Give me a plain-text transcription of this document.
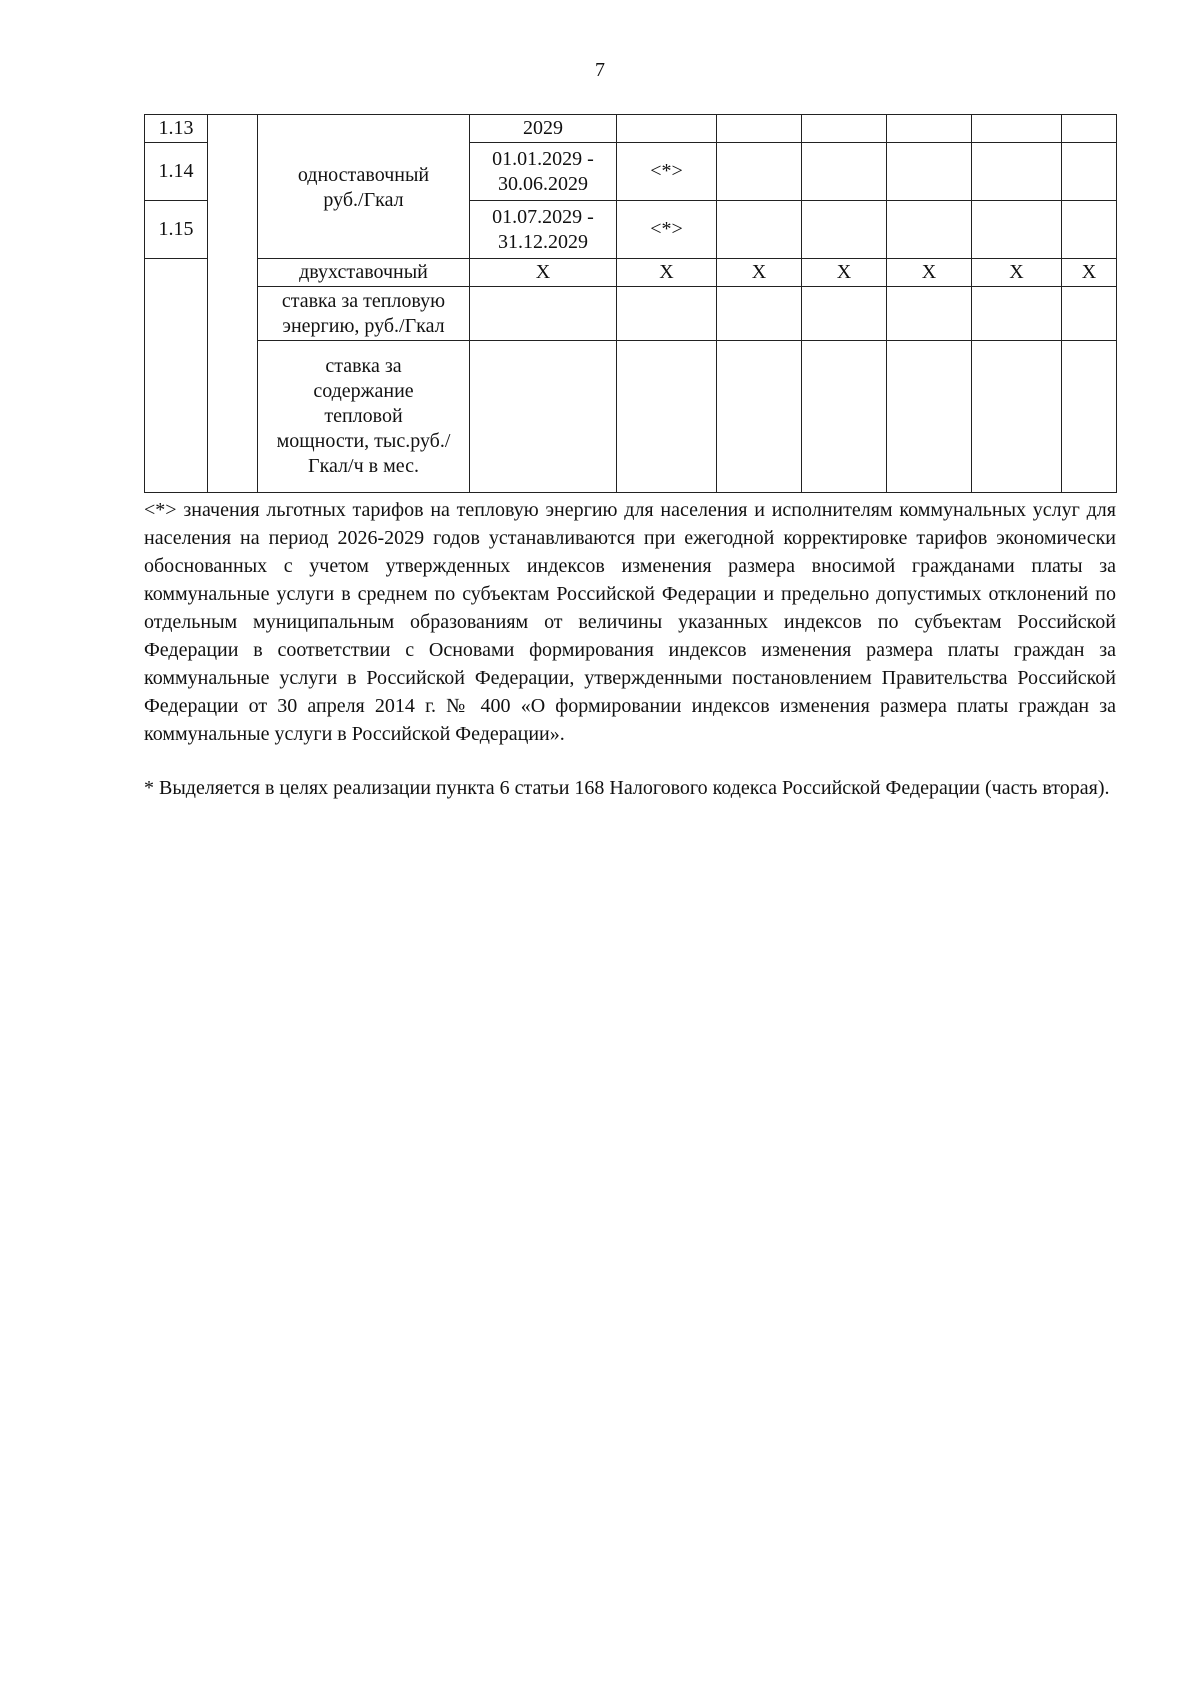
7
1.13		одноставочный руб./Гкал	2029						
1.14			01.01.2029 - 30.06.2029	<*>					
1.15			01.07.2029 - 31.12.2029	<*>					
		двухставочный	X	X	X	X	X	X	X
		ставка за тепловую энергию, руб./Гкал							
		ставка за содержание тепловой мощности, тыс.руб./Гкал/ч в мес.							

<*> значения льготных тарифов на тепловую энергию для населения и исполнителям коммунальных услуг для населения на период 2026-2029 годов устанавливаются при ежегодной корректировке тарифов экономически обоснованных с учетом утвержденных индексов изменения размера вносимой гражданами платы за коммунальные услуги в среднем по субъектам Российской Федерации и предельно допустимых отклонений по отдельным муниципальным образованиям от величины указанных индексов по субъектам Российской Федерации в соответствии с Основами формирования индексов изменения размера платы граждан за коммунальные услуги в Российской Федерации, утвержденными постановлением Правительства Российской Федерации от 30 апреля 2014 г. № 400 «О формировании индексов изменения размера платы граждан за коммунальные услуги в Российской Федерации».

* Выделяется в целях реализации пункта 6 статьи 168 Налогового кодекса Российской Федерации (часть вторая).
